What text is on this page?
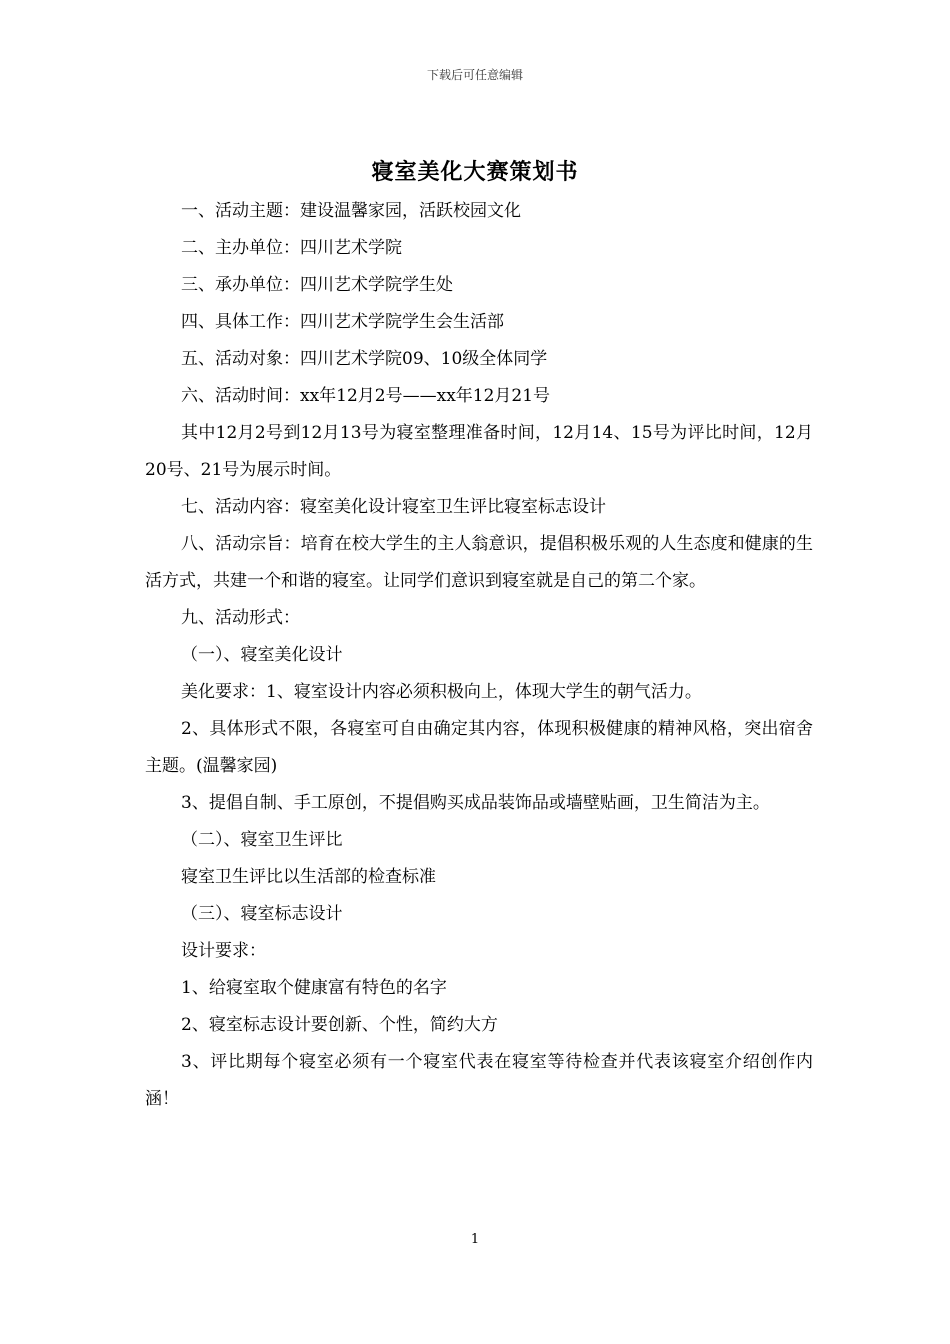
下载后可任意编辑
寝室美化大赛策划书

一、活动主题：建设温馨家园，活跃校园文化

二、主办单位：四川艺术学院

三、承办单位：四川艺术学院学生处

四、具体工作：四川艺术学院学生会生活部

五、活动对象：四川艺术学院09、10级全体同学

六、活动时间：xx年12月2号——xx年12月21号

其中12月2号到12月13号为寝室整理准备时间，12月14、15号为评比时间，12月20号、21号为展示时间。

七、活动内容：寝室美化设计寝室卫生评比寝室标志设计

八、活动宗旨：培育在校大学生的主人翁意识，提倡积极乐观的人生态度和健康的生活方式，共建一个和谐的寝室。让同学们意识到寝室就是自己的第二个家。

九、活动形式：

（一）、寝室美化设计

美化要求：1、寝室设计内容必须积极向上，体现大学生的朝气活力。

2、具体形式不限，各寝室可自由确定其内容，体现积极健康的精神风格，突出宿舍主题。(温馨家园)

3、提倡自制、手工原创，不提倡购买成品装饰品或墙壁贴画，卫生简洁为主。

（二）、寝室卫生评比

寝室卫生评比以生活部的检查标准

（三）、寝室标志设计

设计要求：

1、给寝室取个健康富有特色的名字

2、寝室标志设计要创新、个性，简约大方

3、评比期每个寝室必须有一个寝室代表在寝室等待检查并代表该寝室介绍创作内涵！

1
